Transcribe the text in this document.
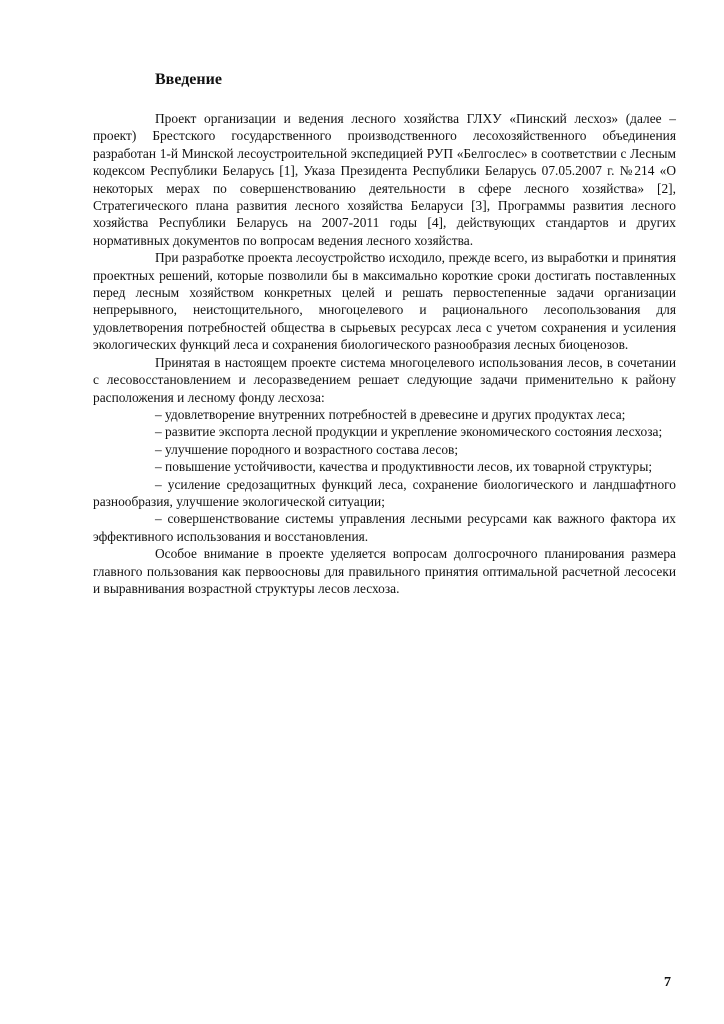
Введение

Проект организации и ведения лесного хозяйства ГЛХУ «Пинский лесхоз» (далее – проект) Брестского государственного производственного лесохозяйственного объединения разработан 1-й Минской лесоустроительной экспедицией РУП «Белгослес» в соответствии с Лесным кодексом Республики Беларусь [1], Указа Президента Республики Беларусь 07.05.2007 г. №214 «О некоторых мерах по совершенствованию деятельности в сфере лесного хозяйства» [2], Стратегического плана развития лесного хозяйства Беларуси [3], Программы развития лесного хозяйства Республики Беларусь на 2007-2011 годы [4], действующих стандартов и других нормативных документов по вопросам ведения лесного хозяйства.

При разработке проекта лесоустройство исходило, прежде всего, из выработки и принятия проектных решений, которые позволили бы в максимально короткие сроки достигать поставленных перед лесным хозяйством конкретных целей и решать первостепенные задачи организации непрерывного, неистощительного, многоцелевого и рационального лесопользования для удовлетворения потребностей общества в сырьевых ресурсах леса с учетом сохранения и усиления экологических функций леса и сохранения биологического разнообразия лесных биоценозов.

Принятая в настоящем проекте система многоцелевого использования лесов, в сочетании с лесовосстановлением и лесоразведением решает следующие задачи применительно к району расположения и лесному фонду лесхоза:

– удовлетворение внутренних потребностей в древесине и других продуктах леса;

– развитие экспорта лесной продукции и укрепление экономического состояния лесхоза;

– улучшение породного и возрастного состава лесов;

– повышение устойчивости, качества и продуктивности лесов, их товарной структуры;

– усиление средозащитных функций леса, сохранение биологического и ландшафтного разнообразия, улучшение экологической ситуации;

– совершенствование системы управления лесными ресурсами как важного фактора их эффективного использования и восстановления.

Особое внимание в проекте уделяется вопросам долгосрочного планирования размера главного пользования как первоосновы для правильного принятия оптимальной расчетной лесосеки и выравнивания возрастной структуры лесов лесхоза.

7
